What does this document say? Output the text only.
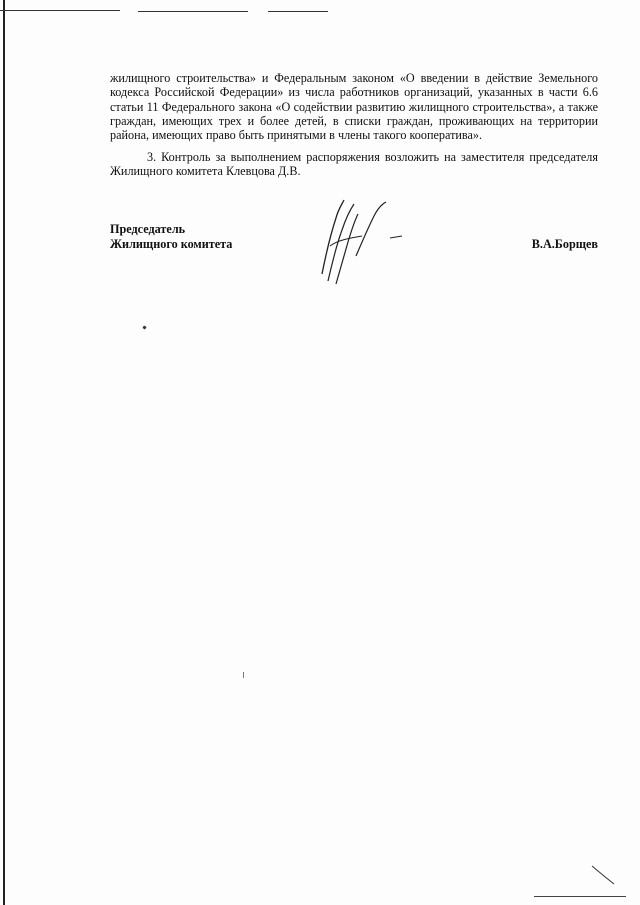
жилищного строительства» и Федеральным законом «О введении в действие Земельного кодекса Российской Федерации» из числа работников организаций, указанных в части 6.6 статьи 11 Федерального закона «О содействии развитию жилищного строительства», а также граждан, имеющих трех и более детей, в списки граждан, проживающих на территории района, имеющих право быть принятыми в члены такого кооператива».

3. Контроль за выполнением распоряжения возложить на заместителя председателя Жилищного комитета Клевцова Д.В.

Председатель
Жилищного комитета	В.А.Борщев
